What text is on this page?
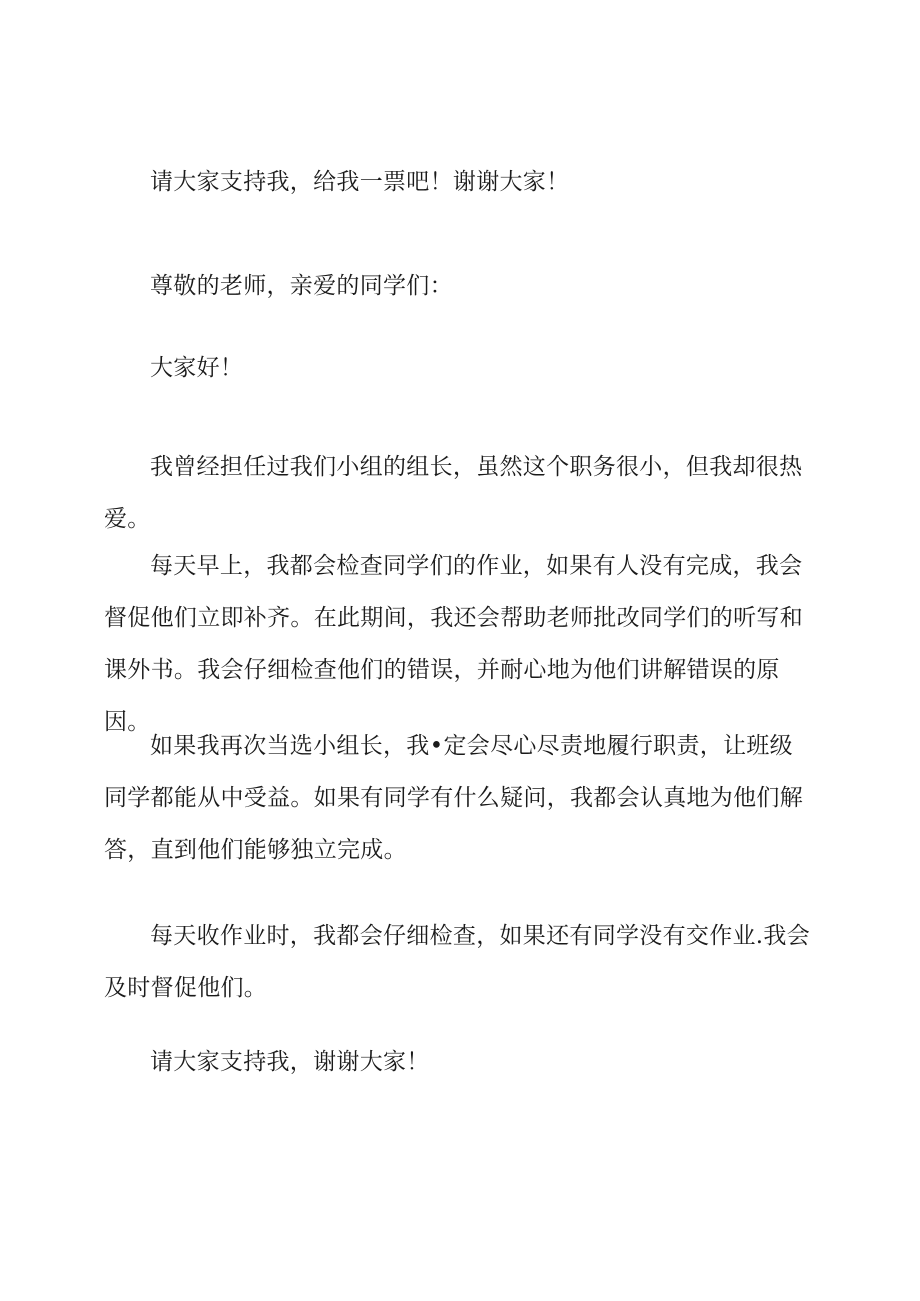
请大家支持我，给我一票吧！谢谢大家！

尊敬的老师，亲爱的同学们：

大家好！

我曾经担任过我们小组的组长，虽然这个职务很小，但我却很热爱。

每天早上，我都会检查同学们的作业，如果有人没有完成，我会督促他们立即补齐。在此期间，我还会帮助老师批改同学们的听写和课外书。我会仔细检查他们的错误，并耐心地为他们讲解错误的原因。

如果我再次当选小组长，我•定会尽心尽责地履行职责，让班级同学都能从中受益。如果有同学有什么疑问，我都会认真地为他们解答，直到他们能够独立完成。

每天收作业时，我都会仔细检查，如果还有同学没有交作业.我会及时督促他们。

请大家支持我，谢谢大家！
